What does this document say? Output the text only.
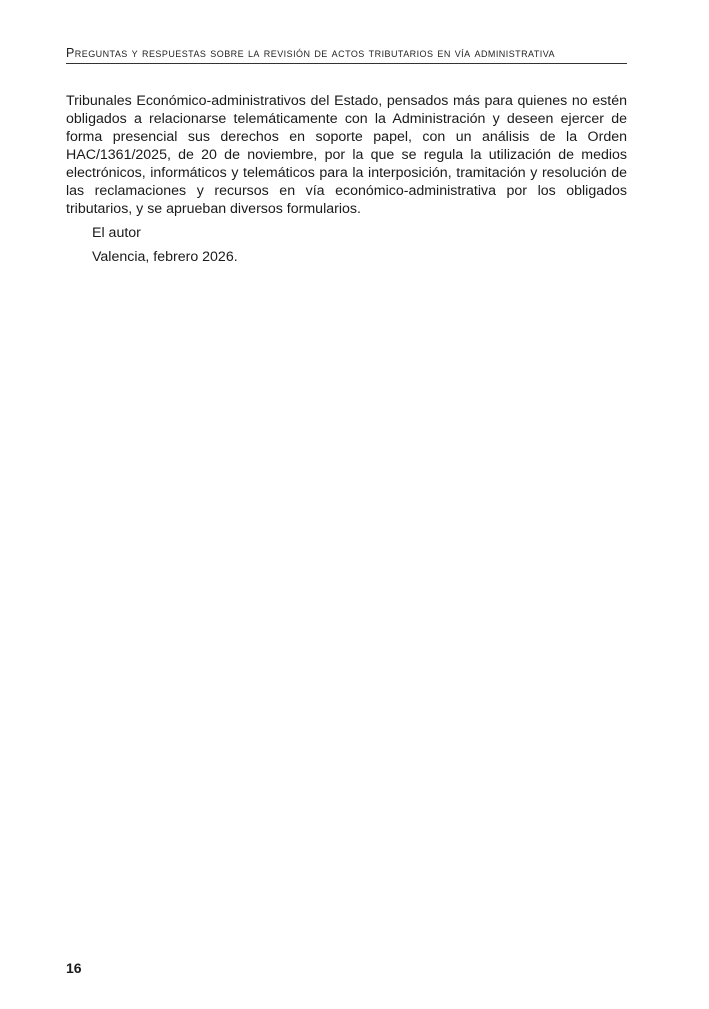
Preguntas y respuestas sobre la revisión de actos tributarios en vía administrativa

Tribunales Económico-administrativos del Estado, pensados más para quienes no estén obligados a relacionarse telemáticamente con la Administración y deseen ejercer de forma presencial sus derechos en soporte papel, con un análisis de la Orden HAC/1361/2025, de 20 de noviembre, por la que se regula la utilización de medios electrónicos, informáticos y telemáticos para la interposición, tramitación y resolución de las reclamaciones y recursos en vía económico-administrativa por los obligados tributarios, y se aprueban diversos formularios.

El autor

Valencia, febrero 2026.

16
